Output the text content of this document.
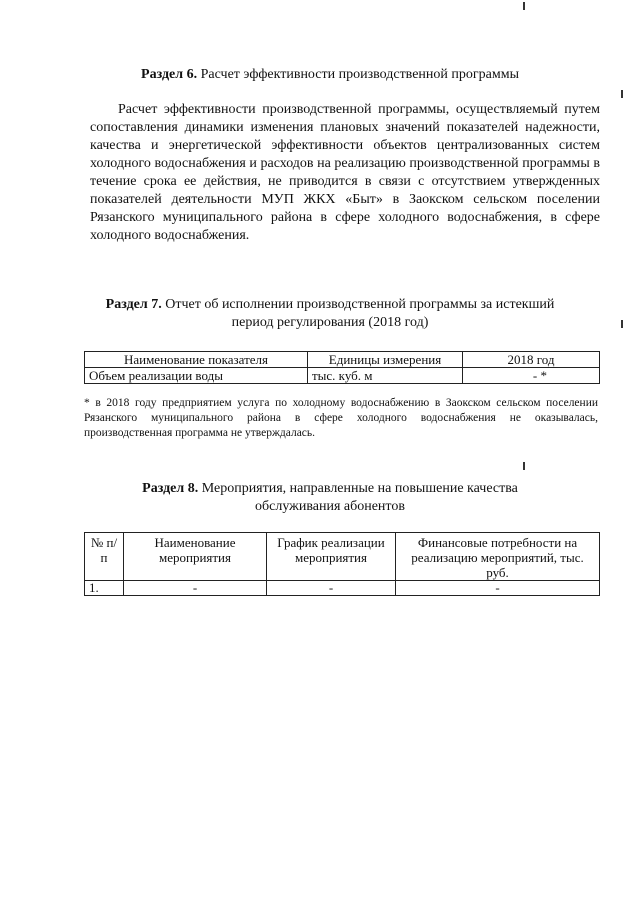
Раздел 6. Расчет эффективности производственной программы
Расчет эффективности производственной программы, осуществляемый путем сопоставления динамики изменения плановых значений показателей надежности, качества и энергетической эффективности объектов централизованных систем холодного водоснабжения и расходов на реализацию производственной программы в течение срока ее действия, не приводится в связи с отсутствием утвержденных показателей деятельности МУП ЖКХ «Быт» в Заокском сельском поселении Рязанского муниципального района в сфере холодного водоснабжения, в сфере холодного водоснабжения.
Раздел 7. Отчет об исполнении производственной программы за истекший
период регулирования (2018 год)
Наименование показателя	Единицы измерения	2018 год
Объем реализации воды	тыс. куб. м	- *
* в 2018 году предприятием услуга по холодному водоснабжению в Заокском сельском поселении Рязанского муниципального района в сфере холодного водоснабжения не оказывалась, производственная программа не утверждалась.
Раздел 8. Мероприятия, направленные на повышение качества
обслуживания абонентов
№ п/п	Наименование мероприятия	График реализации мероприятия	Финансовые потребности на реализацию мероприятий, тыс. руб.
1.	-	-	-
